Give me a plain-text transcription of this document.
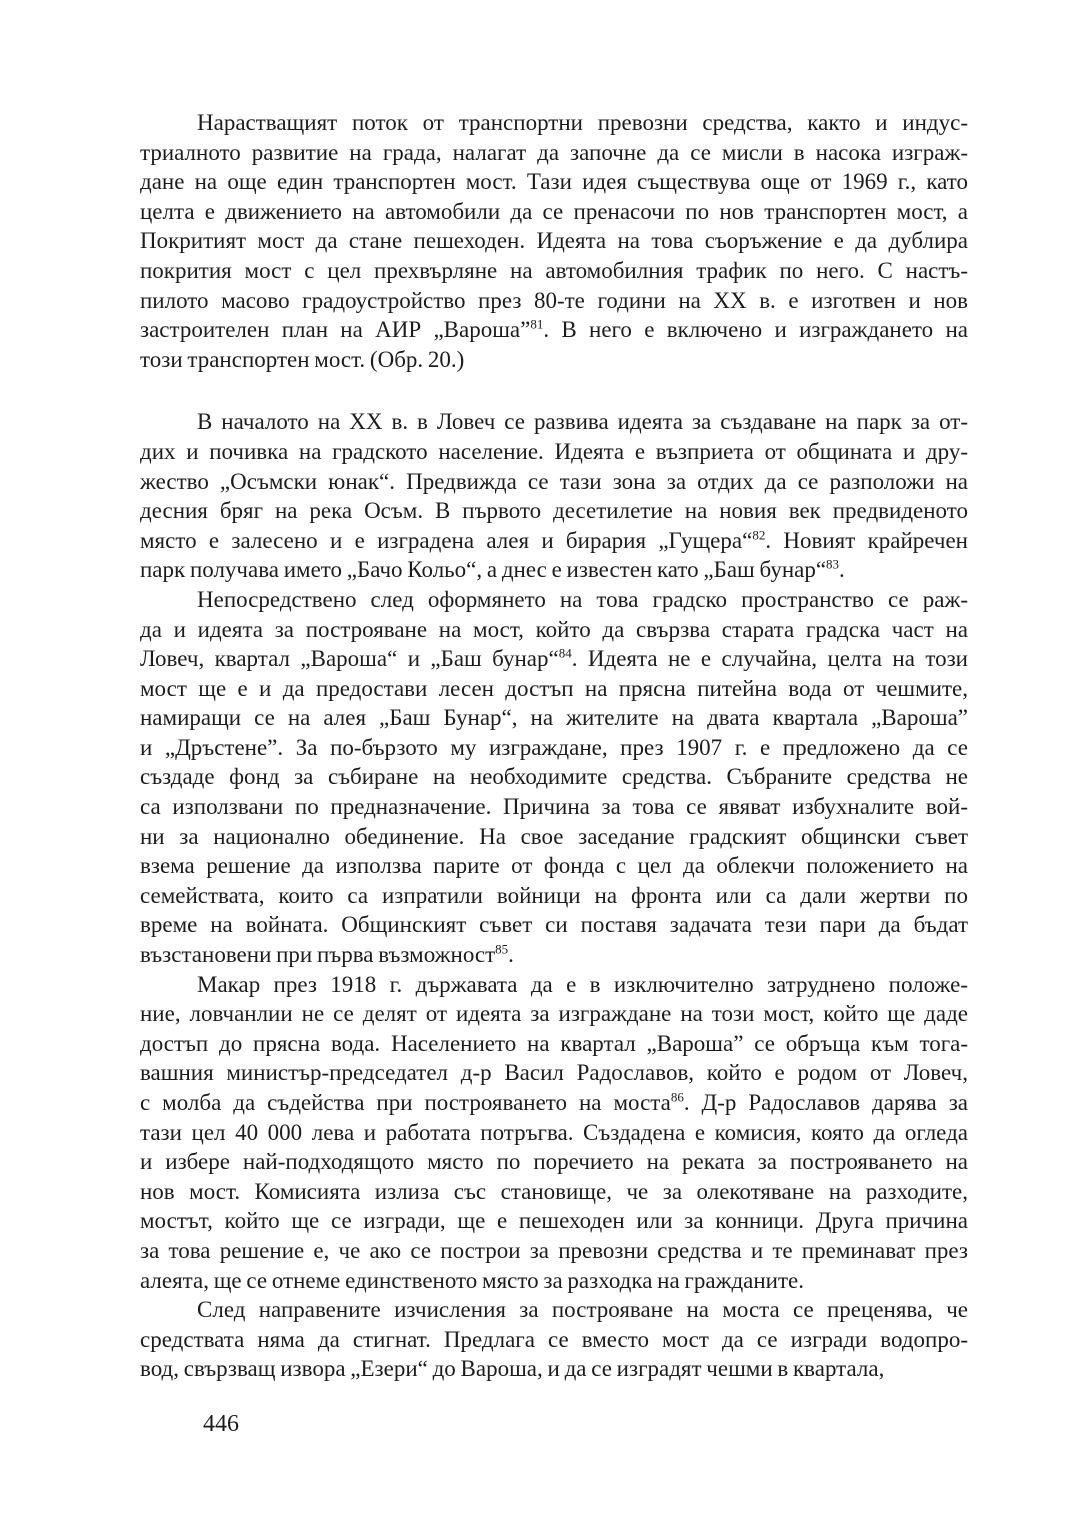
Нарастващият поток от транспортни превозни средства, както и индус-
триалното развитие на града, налагат да започне да се мисли в насока изграж-
дане на още един транспортен мост. Тази идея съществува още от 1969 г., като
целта е движението на автомобили да се пренасочи по нов транспортен мост, а
Покритият мост да стане пешеходен. Идеята на това съоръжение е да дублира
покрития мост с цел прехвърляне на автомобилния трафик по него. С настъ-
пилото масово градоустройство през 80-те години на ХХ в. е изготвен и нов
застроителен план на АИР „Вароша”$^{81}$. В него е включено и изграждането на
този транспортен мост. (Обр. 20.)
В началото на ХХ в. в Ловеч се развива идеята за създаване на парк за от-
дих и почивка на градското население. Идеята е възприета от общината и дру-
жество „Осъмски юнак“. Предвижда се тази зона за отдих да се разположи на
десния бряг на река Осъм. В първото десетилетие на новия век предвиденото
място е залесено и е изградена алея и бирария „Гущера“$^{82}$. Новият крайречен
парк получава името „Бачо Кольо“, а днес е известен като „Баш бунар“$^{83}$.
Непосредствено след оформянето на това градско пространство се раж-
да и идеята за построяване на мост, който да свързва старата градска част на
Ловеч, квартал „Вароша“ и „Баш бунар“$^{84}$. Идеята не е случайна, целта на този
мост ще е и да предостави лесен достъп на прясна питейна вода от чешмите,
намиращи се на алея „Баш Бунар“, на жителите на двата квартала „Вароша”
и „Дръстене”. За по-бързото му изграждане, през 1907 г. е предложено да се
създаде фонд за събиране на необходимите средства. Събраните средства не
са използвани по предназначение. Причина за това се явяват избухналите вой-
ни за национално обединение. На свое заседание градският общински съвет
взема решение да използва парите от фонда с цел да облекчи положението на
семействата, които са изпратили войници на фронта или са дали жертви по
време на войната. Общинският съвет си поставя задачата тези пари да бъдат
възстановени при първа възможност$^{85}$.
Макар през 1918 г. държавата да е в изключително затруднено положе-
ние, ловчанлии не се делят от идеята за изграждане на този мост, който ще даде
достъп до прясна вода. Населението на квартал „Вароша” се обръща към тога-
вашния министър-председател д-р Васил Радославов, който е родом от Ловеч,
с молба да съдейства при построяването на моста$^{86}$. Д-р Радославов дарява за
тази цел 40 000 лева и работата потръгва. Създадена е комисия, която да огледа
и избере най-подходящото място по поречието на реката за построяването на
нов мост. Комисията излиза със становище, че за олекотяване на разходите,
мостът, който ще се изгради, ще е пешеходен или за конници. Друга причина
за това решение е, че ако се построи за превозни средства и те преминават през
алеята, ще се отнеме единственото място за разходка на гражданите.
След направените изчисления за построяване на моста се преценява, че
средствата няма да стигнат. Предлага се вместо мост да се изгради водопро-
вод, свързващ извора „Езери“ до Вароша, и да се изградят чешми в квартала,
446
